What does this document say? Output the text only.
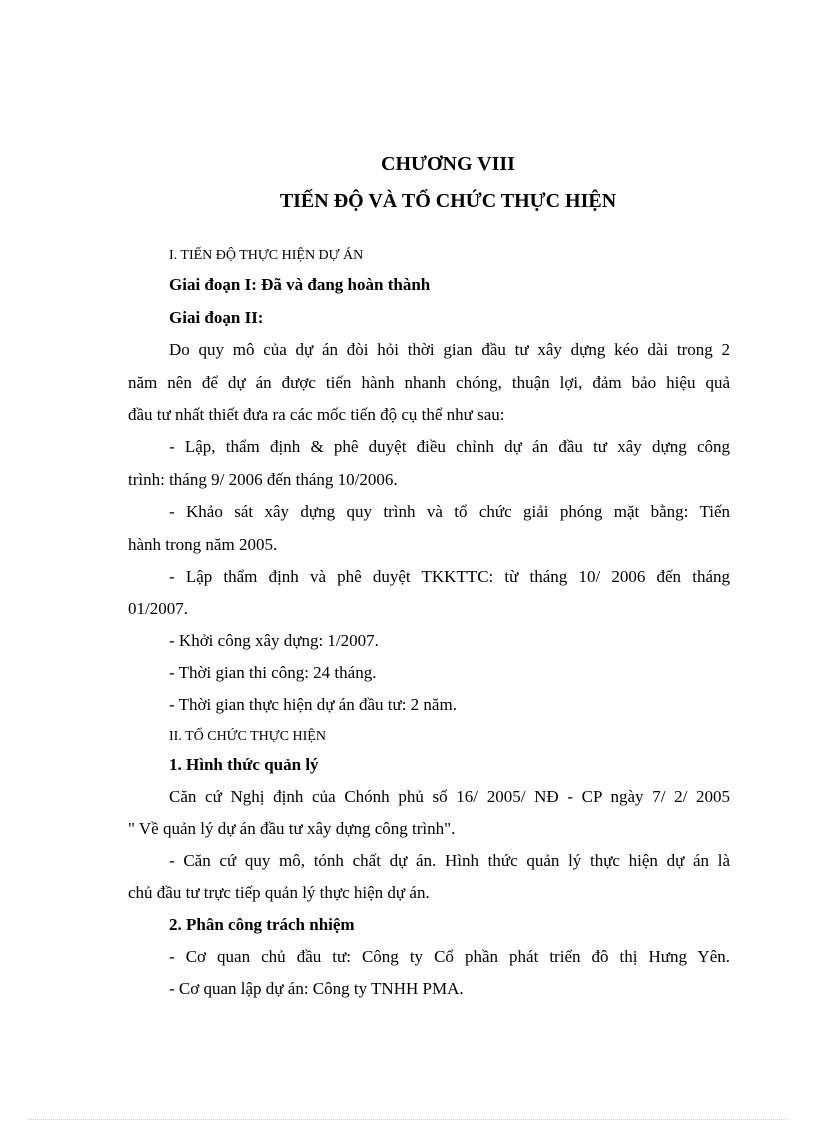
CHƯƠNG VIII
TIẾN ĐỘ VÀ TỔ CHỨC THỰC HIỆN
I. TIẾN ĐỘ THỰC HIỆN DỰ ÁN
Giai đoạn I: Đã và đang hoàn thành
Giai đoạn II:
Do quy mô của dự án đòi hỏi thời gian đầu tư xây dựng kéo dài trong 2
năm nên để dự án được tiến hành nhanh chóng, thuận lợi, đảm bảo hiệu quả
đầu tư nhất thiết đưa ra các mốc tiến độ cụ thể như sau:
- Lập, thẩm định & phê duyệt điều chỉnh dự án đầu tư xây dựng công
trình: tháng 9/ 2006 đến tháng 10/2006.
- Khảo sát xây dựng quy trình và tổ chức giải phóng mặt bằng: Tiến
hành trong năm 2005.
- Lập thẩm định và phê duyệt TKKTTC: từ tháng 10/ 2006 đến tháng
01/2007.
- Khởi công xây dựng: 1/2007.
- Thời gian thi công: 24 tháng.
- Thời gian thực hiện dự án đầu tư: 2 năm.
II. TỔ CHỨC THỰC HIỆN
1. Hình thức quản lý
Căn cứ Nghị định của Chónh phủ số 16/ 2005/ NĐ - CP ngày 7/ 2/ 2005
" Về quản lý dự án đầu tư xây dựng công trình".
- Căn cứ quy mô, tónh chất dự án. Hình thức quản lý thực hiện dự án là
chủ đầu tư trực tiếp quản lý thực hiện dự án.
2. Phân công trách nhiệm
- Cơ quan chủ đầu tư: Công ty Cổ phần phát triển đô thị Hưng Yên.
- Cơ quan lập dự án: Công ty TNHH PMA.
